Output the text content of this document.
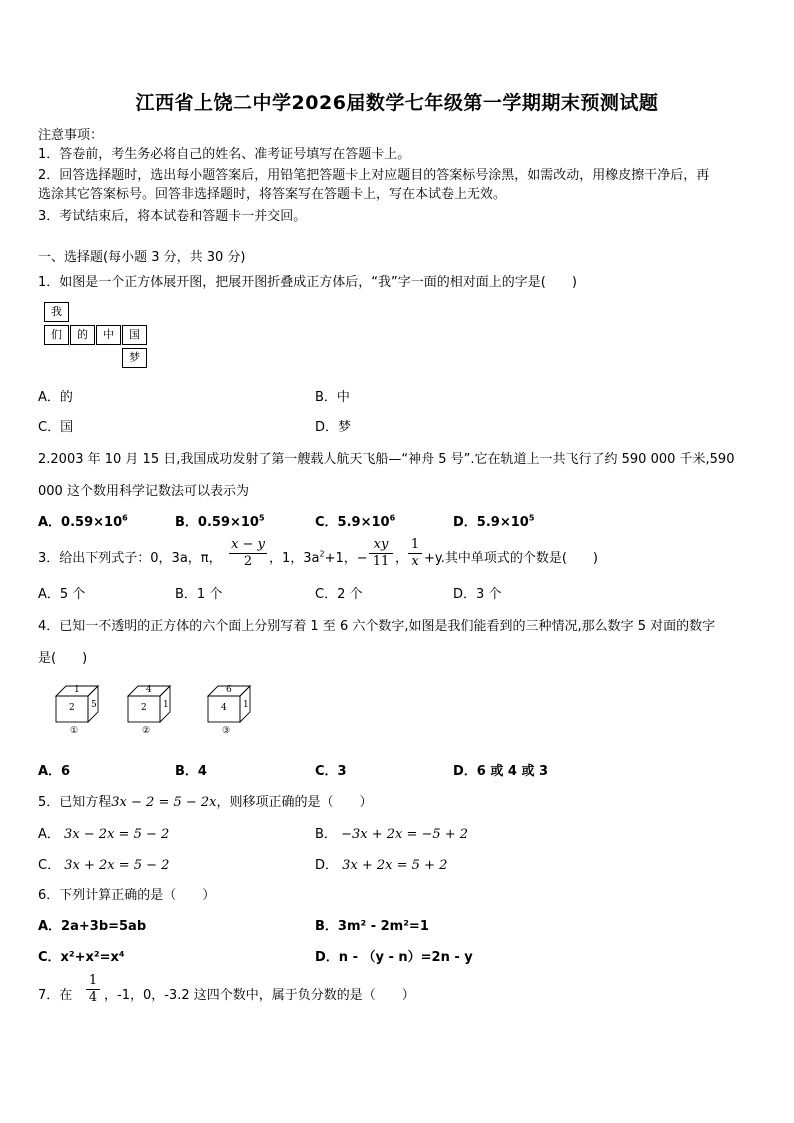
江西省上饶二中学2026届数学七年级第一学期期末预测试题
注意事项：
1．答卷前，考生务必将自己的姓名、准考证号填写在答题卡上。
2．回答选择题时，选出每小题答案后，用铅笔把答题卡上对应题目的答案标号涂黑，如需改动，用橡皮擦干净后，再
选涂其它答案标号。回答非选择题时，将答案写在答题卡上，写在本试卷上无效。
3．考试结束后，将本试卷和答题卡一并交回。
一、选择题(每小题 3 分，共 30 分)
1．如图是一个正方体展开图，把展开图折叠成正方体后，“我”字一面的相对面上的字是(　　)
我
们	的	中	国
梦
A．的	B．中
C．国	D．梦
2.2003 年 10 月 15 日,我国成功发射了第一艘载人航天飞船—“神舟 5 号”.它在轨道上一共飞行了约 590 000 千米,590
000 这个数用科学记数法可以表示为
A．$0.59\times 10^6$	B．$0.59\times 10^5$	C．$5.9\times 10^6$	D．$5.9\times 10^5$
3．给出下列式子：0，3a，π，
x − y
2	，1，$3a^2+1$，−
xy
11 ，
1
x +y.其中单项式的个数是(　　)
A．5 个	B．1 个	C．2 个	D．3 个
4．已知一不透明的正方体的六个面上分别写着 1 至 6 六个数字,如图是我们能看到的三种情况,那么数字 5 对面的数字
是(　　)
1
2 5
①
4
2 1
②
6
4 1
③
A．6	B．4	C．3	D．6 或 4 或 3
5．已知方程3x − 2 = 5 − 2x，则移项正确的是（　　）
A． 3x − 2x = 5 − 2	B． −3x + 2x = −5 + 2
C． 3x + 2x = 5 − 2	D． 3x + 2x = 5 + 2
6．下列计算正确的是（　　）
A．2a+3b=5ab	B．3m² - 2m²=1
C．x²+x²=x⁴	D．n - （y - n）=2n - y
7．在
1
4 ，-1，0，-3.2 这四个数中，属于负分数的是（　　）
